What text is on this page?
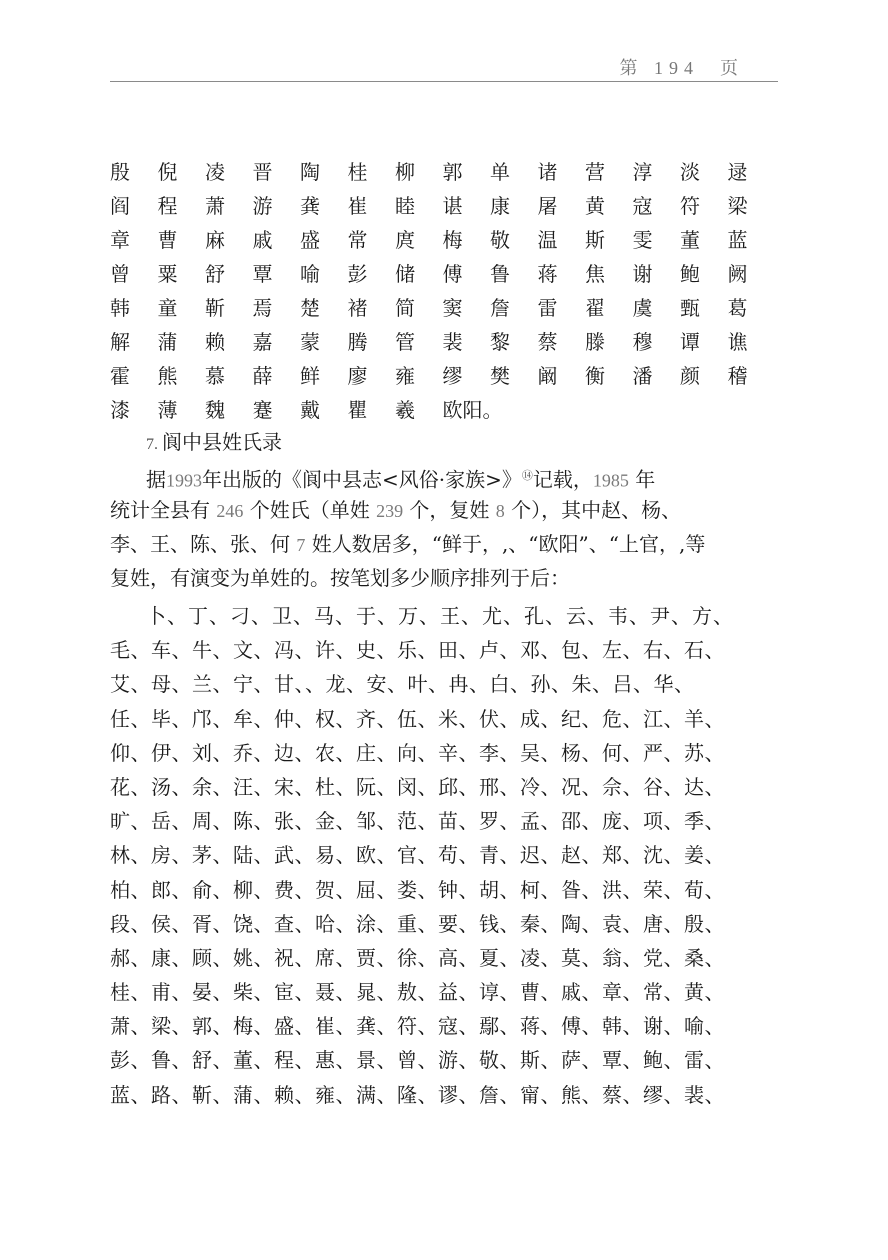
第 194  页
殷 倪 凌 晋 陶 桂 柳 郭 单 诸 营 淳 淡 逯
阎 程 萧 游 龚 崔 睦 谌 康 屠 黄 寇 符 梁
章 曹 麻 戚 盛 常 庹 梅 敬 温 斯 雯 董 蓝
曾 粟 舒 覃 喻 彭 储 傅 鲁 蒋 焦 谢 鲍 阙
韩 童 靳 焉 楚 褚 简 窦 詹 雷 翟 虞 甄 葛
解 蒲 赖 嘉 蒙 腾 管 裴 黎 蔡 滕 穆 谭 谯
霍 熊 慕 薛 鲜 廖 雍 缪 樊 阚 衡 潘 颜 稽
漆 薄 魏 蹇 戴 瞿 羲 欧阳。
7. 阆中县姓氏录
据1993年出版的《阆中县志<风俗·家族>》⑭记载，1985 年
统计全县有 246 个姓氏（单姓 239 个，复姓 8 个），其中赵、杨、
李、王、陈、张、何 7 姓人数居多，“鲜于，,、“欧阳”、“上官，,等
复姓，有演变为单姓的。按笔划多少顺序排列于后：
卜、丁、刁、卫、马、于、万、王、尤、孔、云、韦、尹、方、
毛、车、牛、文、冯、许、史、乐、田、卢、邓、包、左、右、石、
艾、母、兰、宁、甘、、龙、安、叶、冉、白、孙、朱、吕、华、
任、毕、邝、牟、仲、权、齐、伍、米、伏、成、纪、危、江、羊、
仰、伊、刘、乔、边、农、庄、向、辛、李、吴、杨、何、严、苏、
花、汤、余、汪、宋、杜、阮、闵、邱、邢、冷、况、佘、谷、达、
旷、岳、周、陈、张、金、邹、范、苗、罗、孟、邵、庞、项、季、
林、房、茅、陆、武、易、欧、官、苟、青、迟、赵、郑、沈、姜、
柏、郎、俞、柳、费、贺、屈、娄、钟、胡、柯、昝、洪、荣、荀、
段、侯、胥、饶、查、哈、涂、重、要、钱、秦、陶、袁、唐、殷、
郝、康、顾、姚、祝、席、贾、徐、高、夏、凌、莫、翁、党、桑、
桂、甫、晏、柴、宦、聂、晁、敖、益、谆、曹、戚、章、常、黄、
萧、梁、郭、梅、盛、崔、龚、符、寇、鄢、蒋、傅、韩、谢、喻、
彭、鲁、舒、董、程、惠、景、曾、游、敬、斯、萨、覃、鲍、雷、
蓝、路、靳、蒲、赖、雍、满、隆、谬、詹、甯、熊、蔡、缪、裴、
